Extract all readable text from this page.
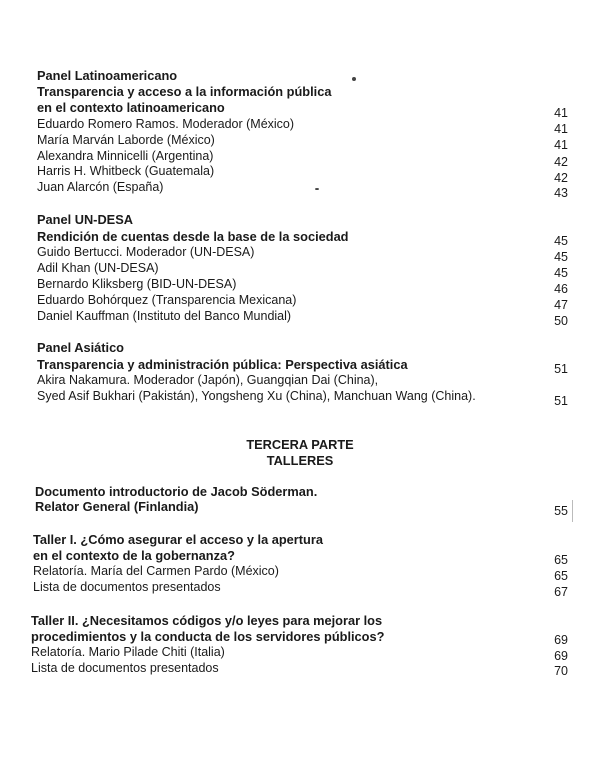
Panel Latinoamericano
Transparencia y acceso a la información pública
en el contexto latinoamericano	41
Eduardo Romero Ramos. Moderador (México)	41
María Marván Laborde (México)	41
Alexandra Minnicelli (Argentina)	42
Harris H. Whitbeck (Guatemala)	42
Juan Alarcón (España)	43
Panel UN-DESA
Rendición de cuentas desde la base de la sociedad	45
Guido Bertucci. Moderador (UN-DESA)	45
Adil Khan (UN-DESA)	45
Bernardo Kliksberg (BID-UN-DESA)	46
Eduardo Bohórquez (Transparencia Mexicana)	47
Daniel Kauffman (Instituto del Banco Mundial)	50
Panel Asiático
Transparencia y administración pública: Perspectiva asiática	51
Akira Nakamura. Moderador (Japón), Guangqian Dai (China),
Syed Asif Bukhari (Pakistán), Yongsheng Xu (China), Manchuan Wang (China).	51
TERCERA PARTE
TALLERES
Documento introductorio de Jacob Söderman.
Relator General (Finlandia)	55
Taller I. ¿Cómo asegurar el acceso y la apertura
en el contexto de la gobernanza?	65
Relatoría. María del Carmen Pardo (México)	65
Lista de documentos presentados	67
Taller II. ¿Necesitamos códigos y/o leyes para mejorar los
procedimientos y la conducta de los servidores públicos?	69
Relatoría. Mario Pilade Chiti (Italia)	69
Lista de documentos presentados	70
